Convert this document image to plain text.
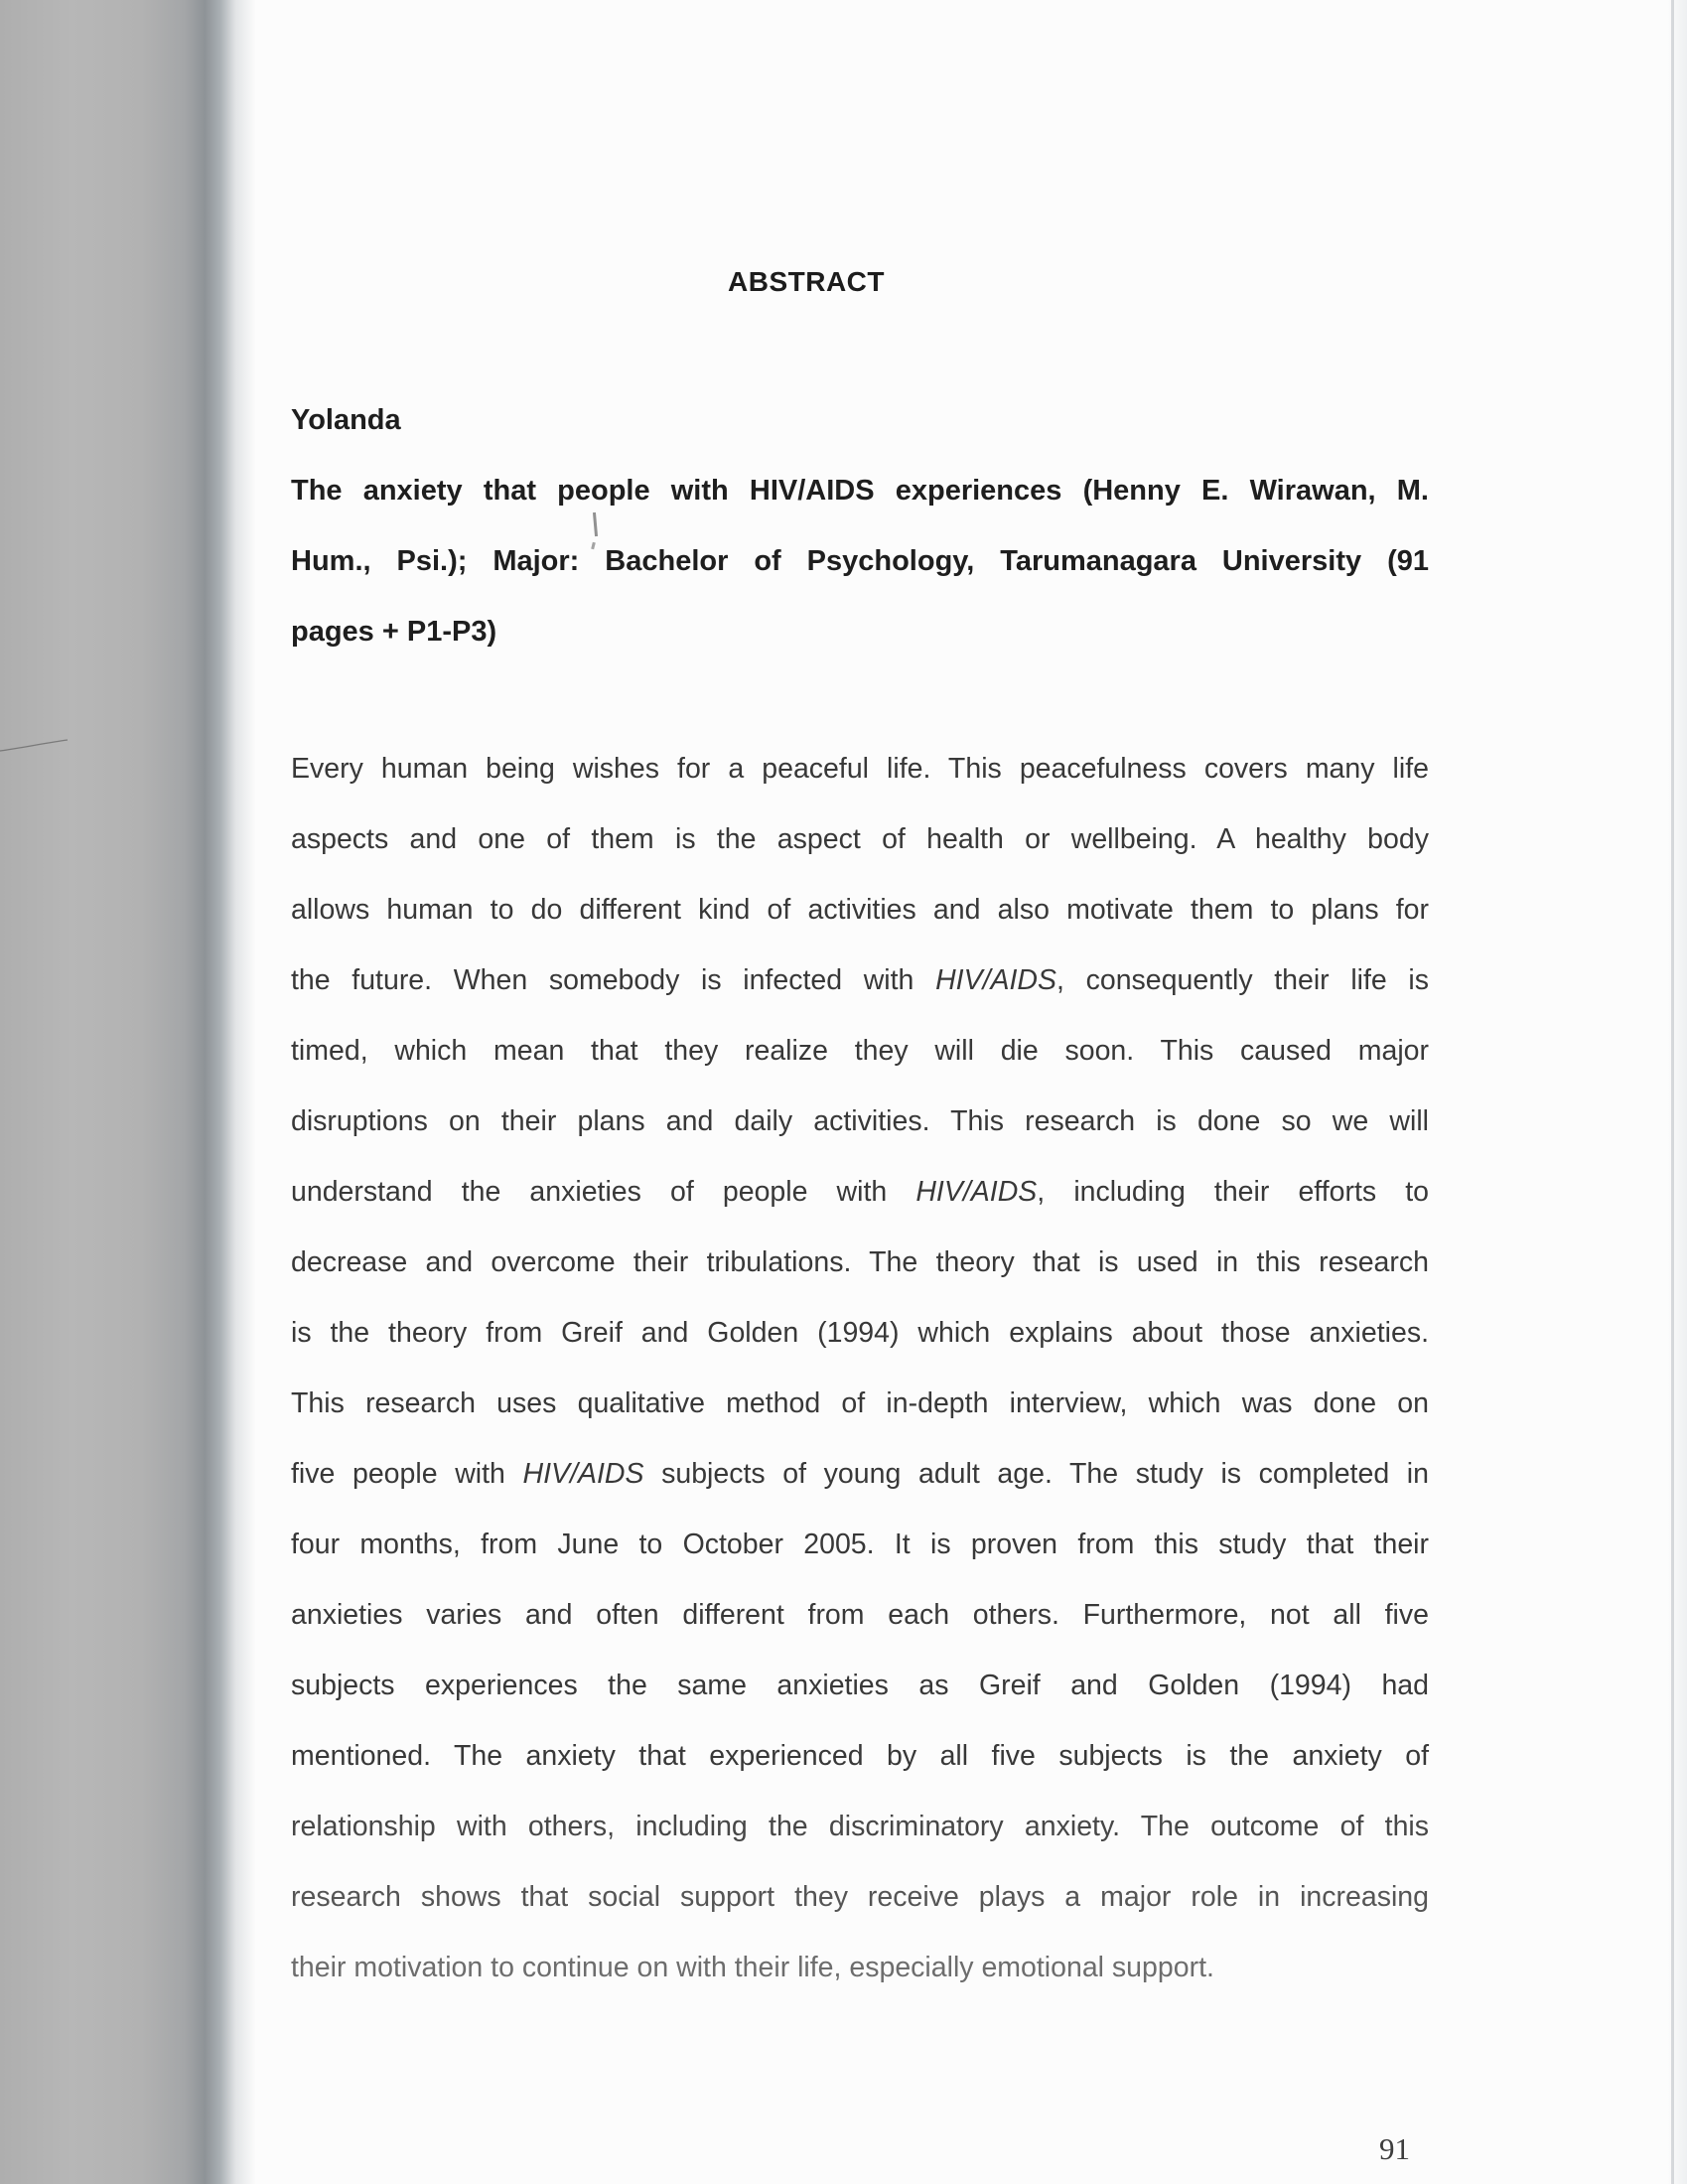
ABSTRACT
Yolanda
The anxiety that people with HIV/AIDS experiences (Henny E. Wirawan, M.
Hum., Psi.); Major: Bachelor of Psychology, Tarumanagara University (91
pages + P1-P3)
Every human being wishes for a peaceful life. This peacefulness covers many life
aspects and one of them is the aspect of health or wellbeing. A healthy body
allows human to do different kind of activities and also motivate them to plans for
the future. When somebody is infected with HIV/AIDS, consequently their life is
timed, which mean that they realize they will die soon. This caused major
disruptions on their plans and daily activities. This research is done so we will
understand the anxieties of people with HIV/AIDS, including their efforts to
decrease and overcome their tribulations. The theory that is used in this research
is the theory from Greif and Golden (1994) which explains about those anxieties.
This research uses qualitative method of in-depth interview, which was done on
five people with HIV/AIDS subjects of young adult age. The study is completed in
four months, from June to October 2005. It is proven from this study that their
anxieties varies and often different from each others. Furthermore, not all five
subjects experiences the same anxieties as Greif and Golden (1994) had
mentioned. The anxiety that experienced by all five subjects is the anxiety of
relationship with others, including the discriminatory anxiety. The outcome of this
research shows that social support they receive plays a major role in increasing
their motivation to continue on with their life, especially emotional support.
91
